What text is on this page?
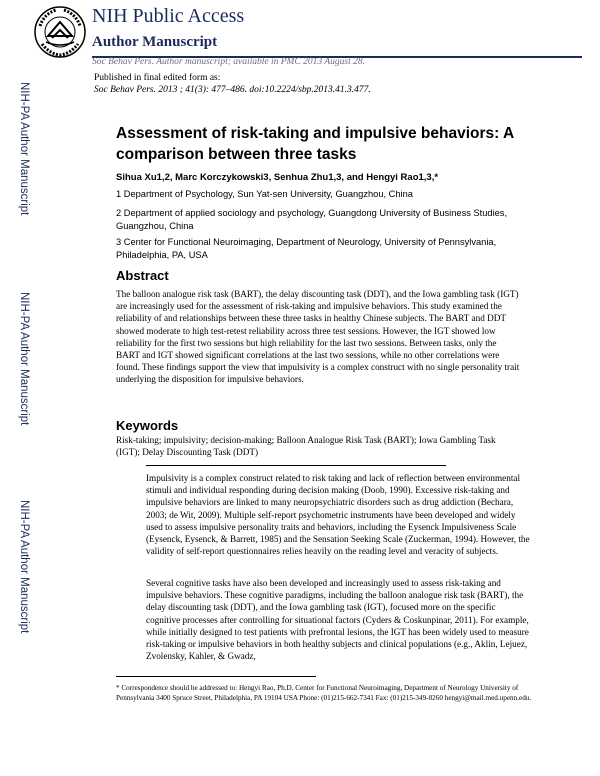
NIH Public Access
Author Manuscript
Soc Behav Pers. Author manuscript; available in PMC 2013 August 28.
Published in final edited form as:
Soc Behav Pers. 2013 ; 41(3): 477–486. doi:10.2224/sbp.2013.41.3.477.
NIH-PA Author Manuscript
NIH-PA Author Manuscript
NIH-PA Author Manuscript
Assessment of risk-taking and impulsive behaviors: A comparison between three tasks
Sihua Xu1,2, Marc Korczykowski3, Senhua Zhu1,3, and Hengyi Rao1,3,*
1 Department of Psychology, Sun Yat-sen University, Guangzhou, China
2 Department of applied sociology and psychology, Guangdong University of Business Studies, Guangzhou, China
3 Center for Functional Neuroimaging, Department of Neurology, University of Pennsylvania, Philadelphia, PA, USA
Abstract
The balloon analogue risk task (BART), the delay discounting task (DDT), and the Iowa gambling task (IGT) are increasingly used for the assessment of risk-taking and impulsive behaviors. This study examined the reliability of and relationships between these three tasks in healthy Chinese subjects. The BART and DDT showed moderate to high test-retest reliability across three test sessions. However, the IGT showed low reliability for the first two sessions but high reliability for the last two sessions. Between tasks, only the BART and IGT showed significant correlations at the last two sessions, while no other correlations were found. These findings support the view that impulsivity is a complex construct with no single personality trait underlying the disposition for impulsive behaviors.
Keywords
Risk-taking; impulsivity; decision-making; Balloon Analogue Risk Task (BART); Iowa Gambling Task (IGT); Delay Discounting Task (DDT)
Impulsivity is a complex construct related to risk taking and lack of reflection between environmental stimuli and individual responding during decision making (Doob, 1990). Excessive risk-taking and impulsive behaviors are linked to many neuropsychiatric disorders such as drug addiction (Bechara, 2003; de Wit, 2009). Multiple self-report psychometric instruments have been developed and widely used to assess impulsive personality traits and behaviors, including the Eysenck Impulsiveness Scale (Eysenck, Eysenck, & Barrett, 1985) and the Sensation Seeking Scale (Zuckerman, 1994). However, the validity of self-report questionnaires relies heavily on the reading level and veracity of subjects.
Several cognitive tasks have also been developed and increasingly used to assess risk-taking and impulsive behaviors. These cognitive paradigms, including the balloon analogue risk task (BART), the delay discounting task (DDT), and the Iowa gambling task (IGT), focused more on the specific cognitive processes after controlling for situational factors (Cyders & Coskunpinar, 2011). For example, while initially designed to test patients with prefrontal lesions, the IGT has been widely used to measure risk-taking or impulsive behaviors in both healthy subjects and clinical populations (e.g., Aklin, Lejuez, Zvolensky, Kahler, & Gwadz,
* Correspondence should be addressed to: Hengyi Rao, Ph.D. Center for Functional Neuroimaging, Department of Neurology University of Pennsylvania 3400 Spruce Street, Philadelphia, PA 19104 USA Phone: (01)215-662-7341 Fax: (01)215-349-8260 hengyi@mail.med.upenn.edu.
